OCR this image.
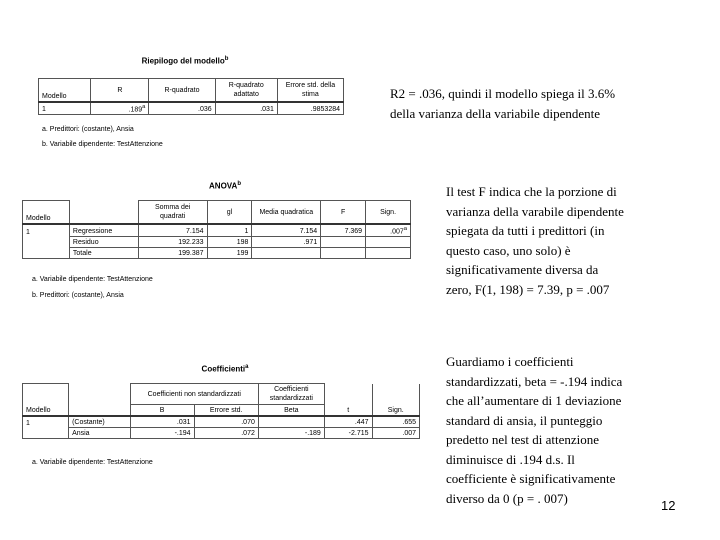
Riepilogo del modello$^b$
Modello	R	R-quadrato	R-quadrato adattato	Errore std. della stima
1	.189$^a$	.036	.031	.9853284
a. Predittori: (costante), Ansia
b. Variabile dipendente: TestAttenzione
R2 = .036, quindi il modello spiega il 3.6%
della varianza della variabile dipendente
ANOVA$^b$
Modello		Somma dei quadrati	gl	Media quadratica	F	Sign.
1	Regressione	7.154	1	7.154	7.369	.007$^a$
	Residuo	192.233	198	.971		
	Totale	199.387	199			
a. Variabile dipendente: TestAttenzione
b. Predittori: (costante), Ansia
Il test F indica che la porzione di
varianza della varabile dipendente
spiegata da tutti i predittori (in
questo caso, uno solo) è
significativamente diversa da
zero, F(1, 198) = 7.39, p = .007
Coefficienti$^a$
Modello		Coefficienti non standardizzati		Coefficienti standardizzati	t	Sign.
		B	Errore std.	Beta		
1	(Costante)	.031	.070		.447	.655
	Ansia	-.194	.072	-.189	-2.715	.007
a. Variabile dipendente: TestAttenzione
Guardiamo i coefficienti
standardizzati, beta = -.194 indica
che all’aumentare di 1 deviazione
standard di ansia, il punteggio
predetto nel test di attenzione
diminuisce di .194 d.s. Il
coefficiente è significativamente
diverso da 0 (p = . 007)	12
